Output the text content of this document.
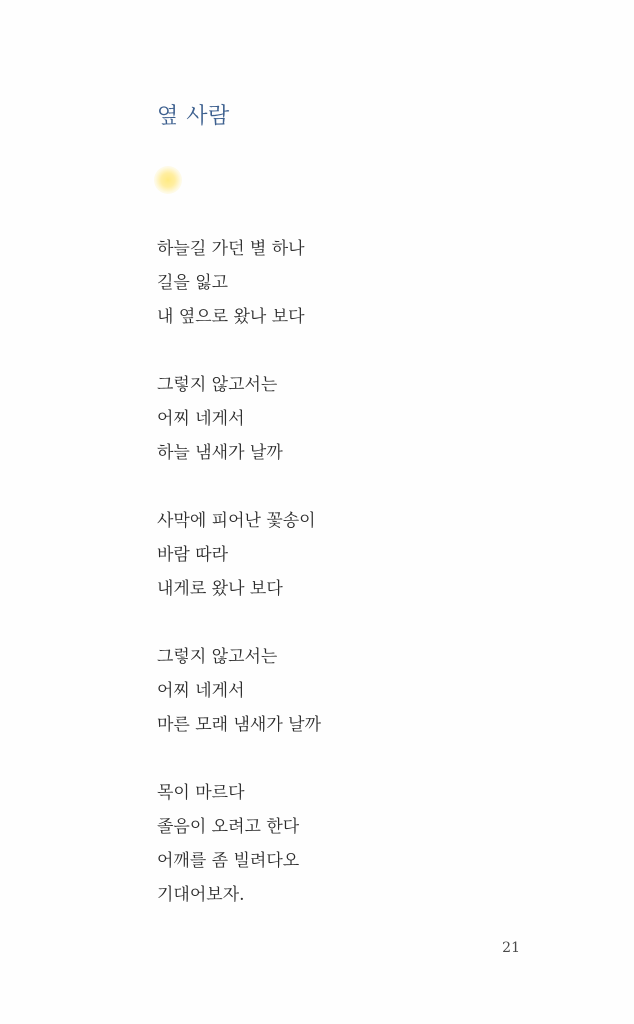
옆 사람
하늘길 가던 별 하나
길을 잃고
내 옆으로 왔나 보다
그렇지 않고서는
어찌 네게서
하늘 냄새가 날까
사막에 피어난 꽃송이
바람 따라
내게로 왔나 보다
그렇지 않고서는
어찌 네게서
마른 모래 냄새가 날까
목이 마르다
졸음이 오려고 한다
어깨를 좀 빌려다오
기대어보자.
21
